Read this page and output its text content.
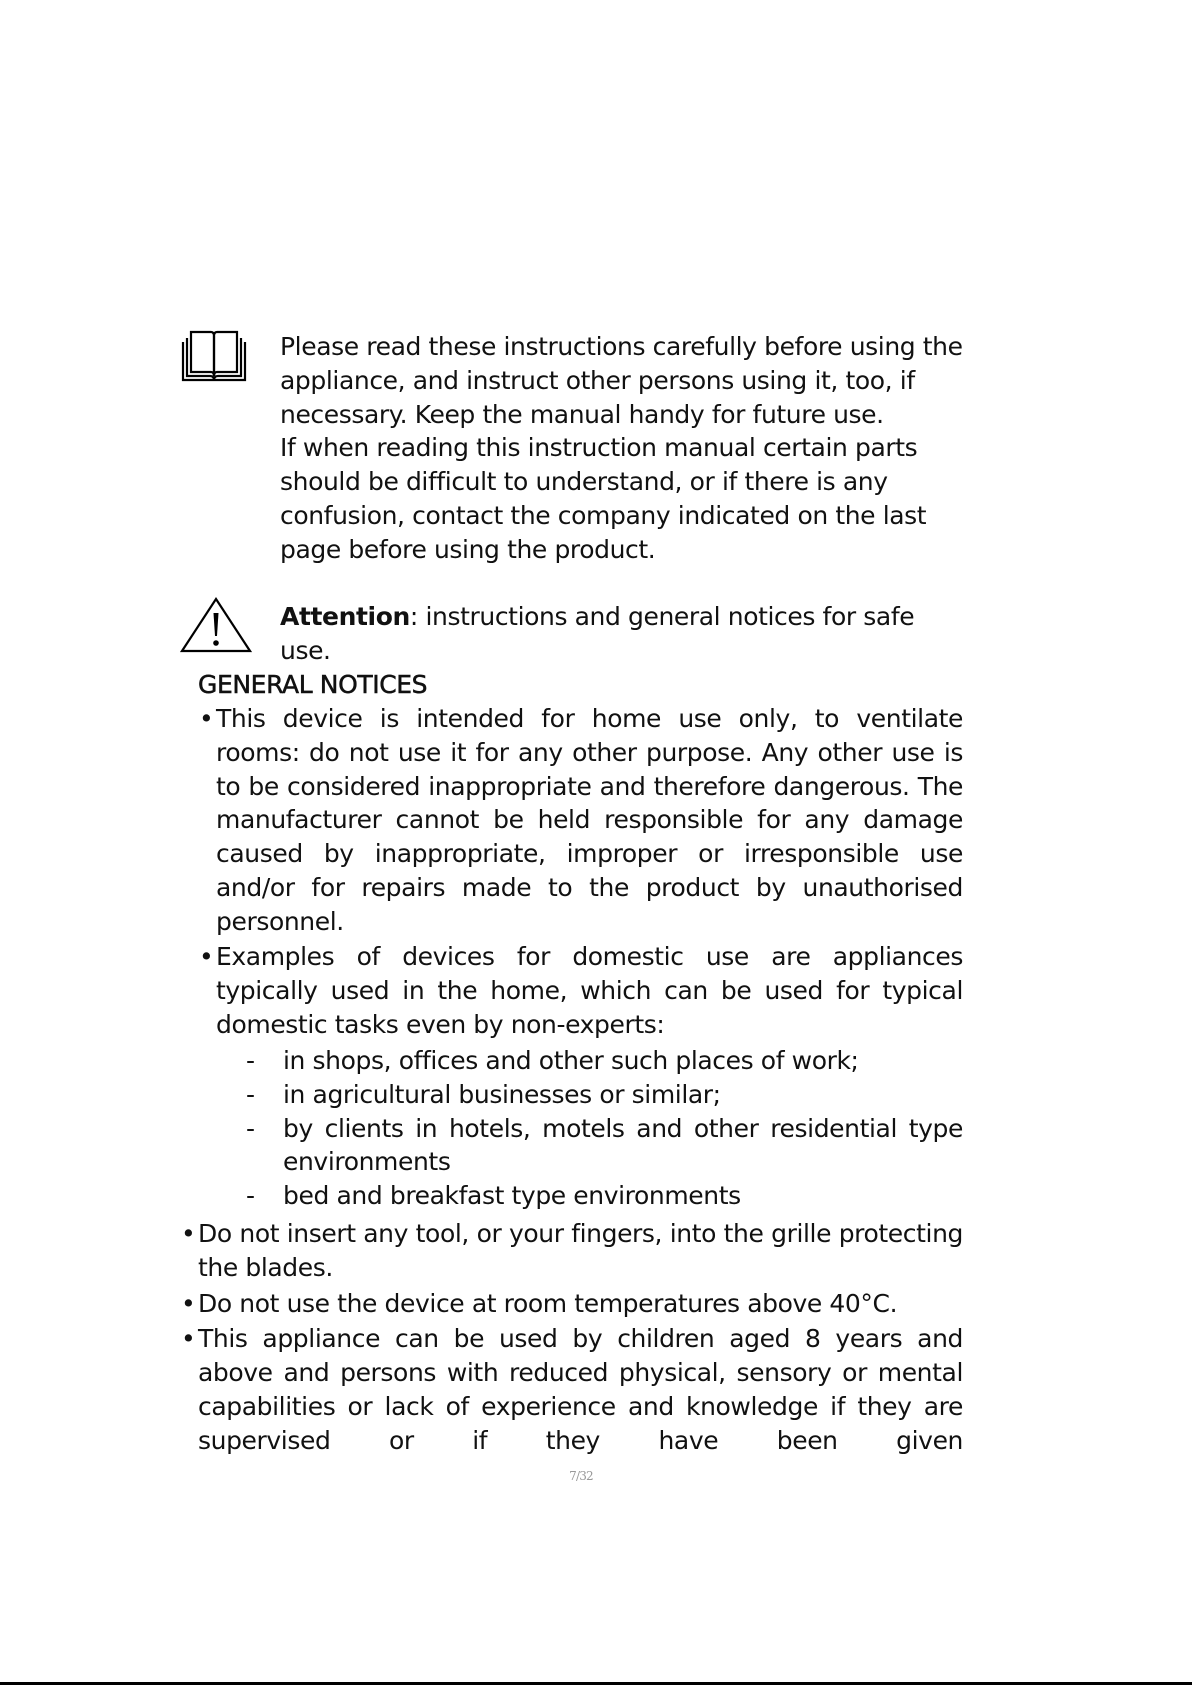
Please read these instructions carefully before using the appliance, and instruct other persons using it, too, if necessary. Keep the manual handy for future use.

If when reading this instruction manual certain parts should be difficult to understand, or if there is any confusion, contact the company indicated on the last page before using the product.

Attention: instructions and general notices for safe use.
GENERAL NOTICES
• This device is intended for home use only, to ventilate rooms: do not use it for any other purpose. Any other use is to be considered inappropriate and therefore dangerous. The manufacturer cannot be held responsible for any damage caused by inappropriate, improper or irresponsible use and/or for repairs made to the product by unauthorised personnel.
• Examples of devices for domestic use are appliances typically used in the home, which can be used for typical domestic tasks even by non-experts:
- in shops, offices and other such places of work;
- in agricultural businesses or similar;
- by clients in hotels, motels and other residential type environments
- bed and breakfast type environments
• Do not insert any tool, or your fingers, into the grille protecting the blades.
• Do not use the device at room temperatures above 40°C.
• This appliance can be used by children aged 8 years and above and persons with reduced physical, sensory or mental capabilities or lack of experience and knowledge if they are supervised or if they have been given
7/32
